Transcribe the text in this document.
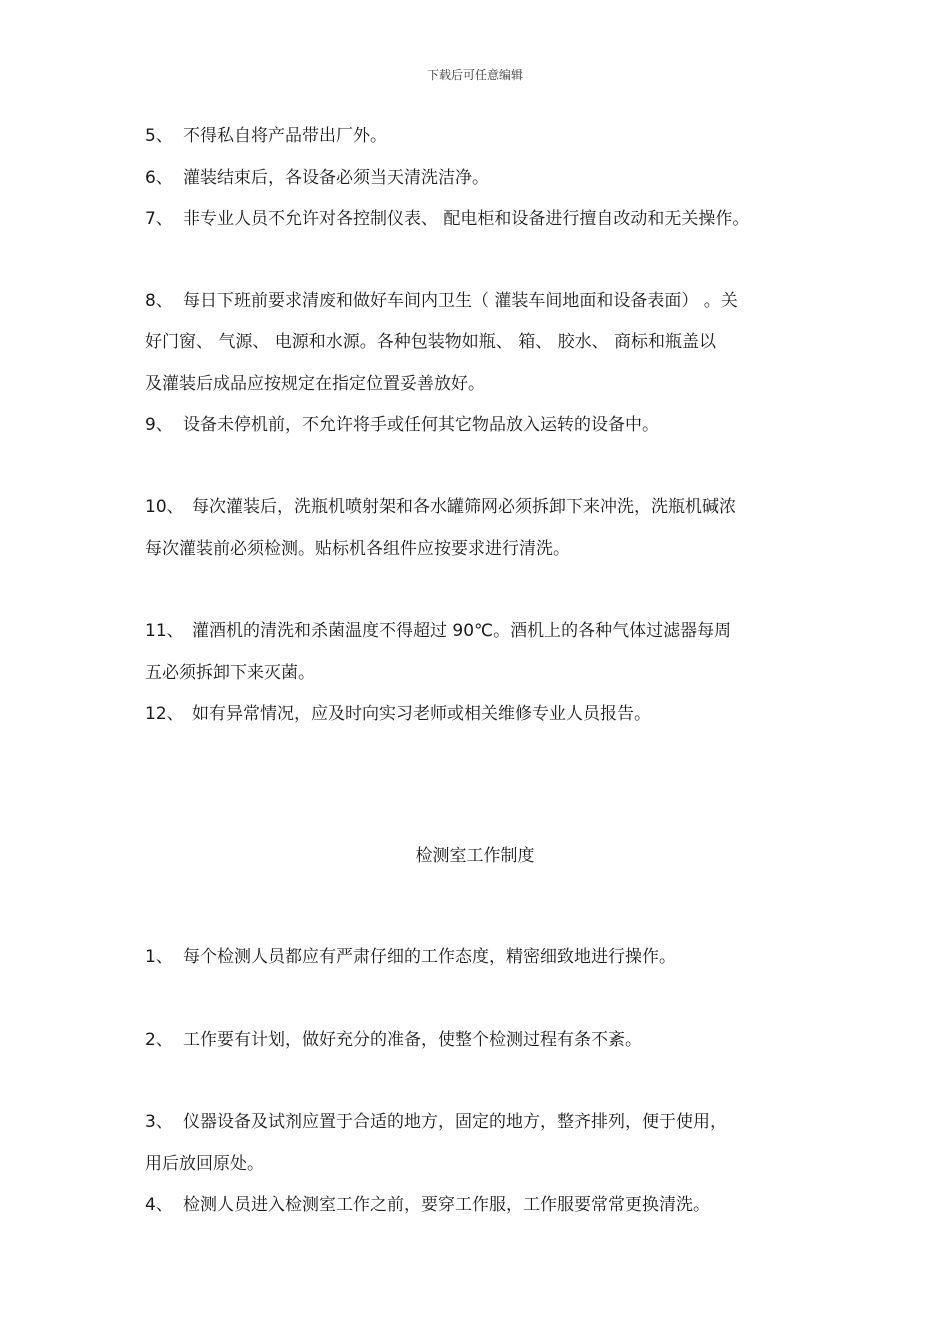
下载后可任意编辑
5、 不得私自将产品带出厂外。
6、 灌装结束后，各设备必须当天清洗洁净。
7、 非专业人员不允许对各控制仪表、 配电柜和设备进行擅自改动和无关操作。
8、 每日下班前要求清废和做好车间内卫生（ 灌装车间地面和设备表面） 。关
好门窗、 气源、 电源和水源。各种包装物如瓶、 箱、 胶水、 商标和瓶盖以
及灌装后成品应按规定在指定位置妥善放好。
9、 设备未停机前，不允许将手或任何其它物品放入运转的设备中。
10、 每次灌装后，洗瓶机喷射架和各水罐筛网必须拆卸下来冲洗，洗瓶机碱浓
每次灌装前必须检测。贴标机各组件应按要求进行清洗。
11、 灌酒机的清洗和杀菌温度不得超过 90℃。酒机上的各种气体过滤器每周
五必须拆卸下来灭菌。
12、 如有异常情况，应及时向实习老师或相关维修专业人员报告。
检测室工作制度
1、 每个检测人员都应有严肃仔细的工作态度，精密细致地进行操作。
2、 工作要有计划，做好充分的准备，使整个检测过程有条不紊。
3、 仪器设备及试剂应置于合适的地方，固定的地方，整齐排列，便于使用，
用后放回原处。
4、 检测人员进入检测室工作之前，要穿工作服，工作服要常常更换清洗。
